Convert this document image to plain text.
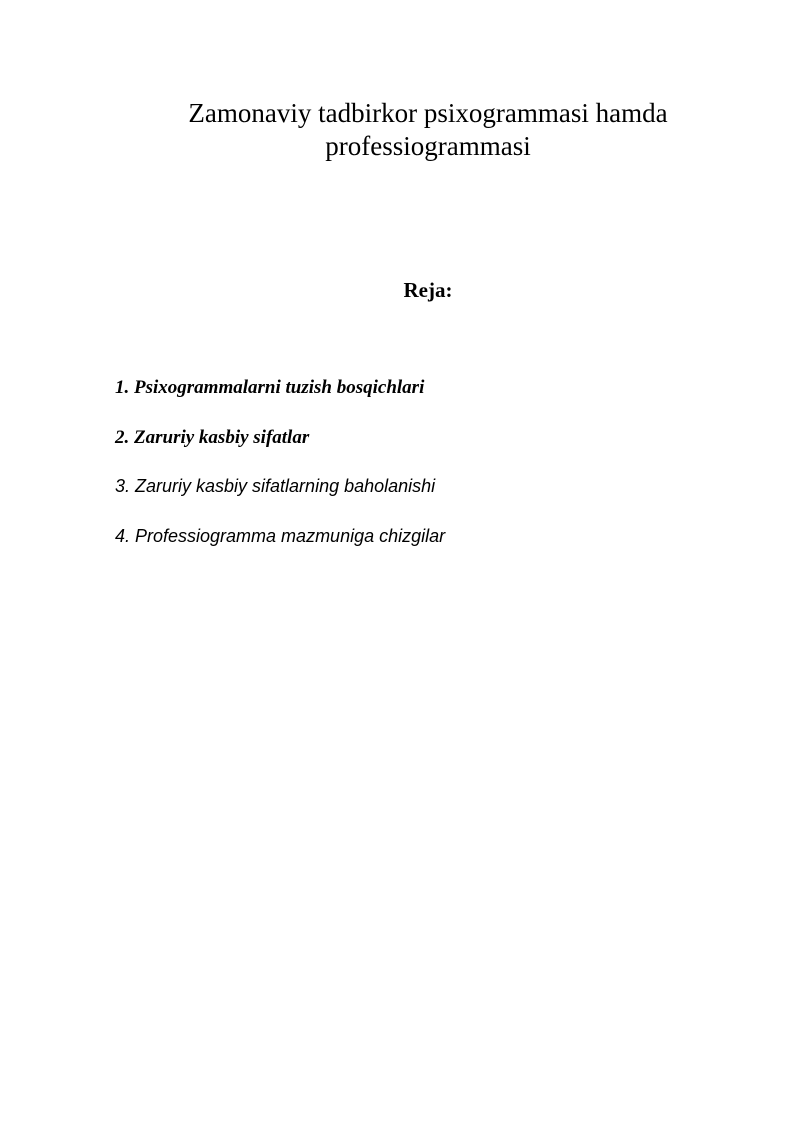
Zamonaviy tadbirkor psixogrammasi hamda
professiogrammasi
Reja:
1. Psixogrammalarni tuzish bosqichlari
2. Zaruriy kasbiy sifatlar
3. Zaruriy kasbiy sifatlarning baholanishi
4. Professiogramma mazmuniga chizgilar
